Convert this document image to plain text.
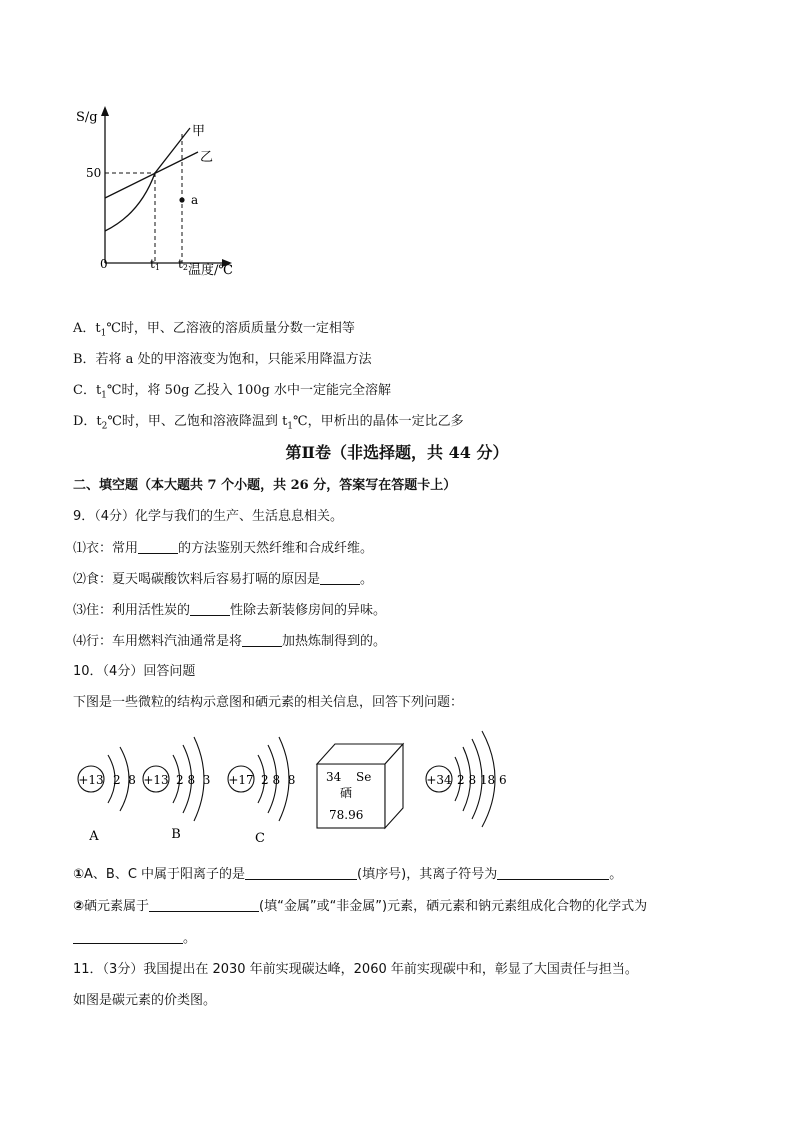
S/g
50
0
甲
乙
a
t1 t2 温度/℃
A．$t_1℃$时，甲、乙溶液的溶质质量分数一定相等
B．若将 a 处的甲溶液变为饱和，只能采用降温方法
C．$t_1℃$时，将 50g 乙投入 100g 水中一定能完全溶解
D．$t_2℃$时，甲、乙饱和溶液降温到 $t_1℃$，甲析出的晶体一定比乙多
第Ⅱ卷（非选择题，共 44 分）
二、填空题（本大题共 7 个小题，共 26 分，答案写在答题卡上）
9．（4分）化学与我们的生产、生活息息相关。
⑴衣：常用	的方法鉴别天然纤维和合成纤维。
⑵食：夏天喝碳酸饮料后容易打嗝的原因是	。
⑶住：利用活性炭的	性除去新装修房间的异味。
⑷行：车用燃料汽油通常是将	加热炼制得到的。
10．（4分）回答问题
下图是一些微粒的结构示意图和硒元素的相关信息，回答下列问题：
+13 2  8
A
+13 2 8  3
B
+17 2 8  8
C
34 Se
硒
78.96
+34 2 8 18 6
①A、B、C 中属于阳离子的是	(填序号)，其离子符号为	。
②硒元素属于	(填“金属”或“非金属”)元素，硒元素和钠元素组成化合物的化学式为
。
11．（3分）我国提出在 2030 年前实现碳达峰，2060 年前实现碳中和，彰显了大国责任与担当。
如图是碳元素的价类图。
